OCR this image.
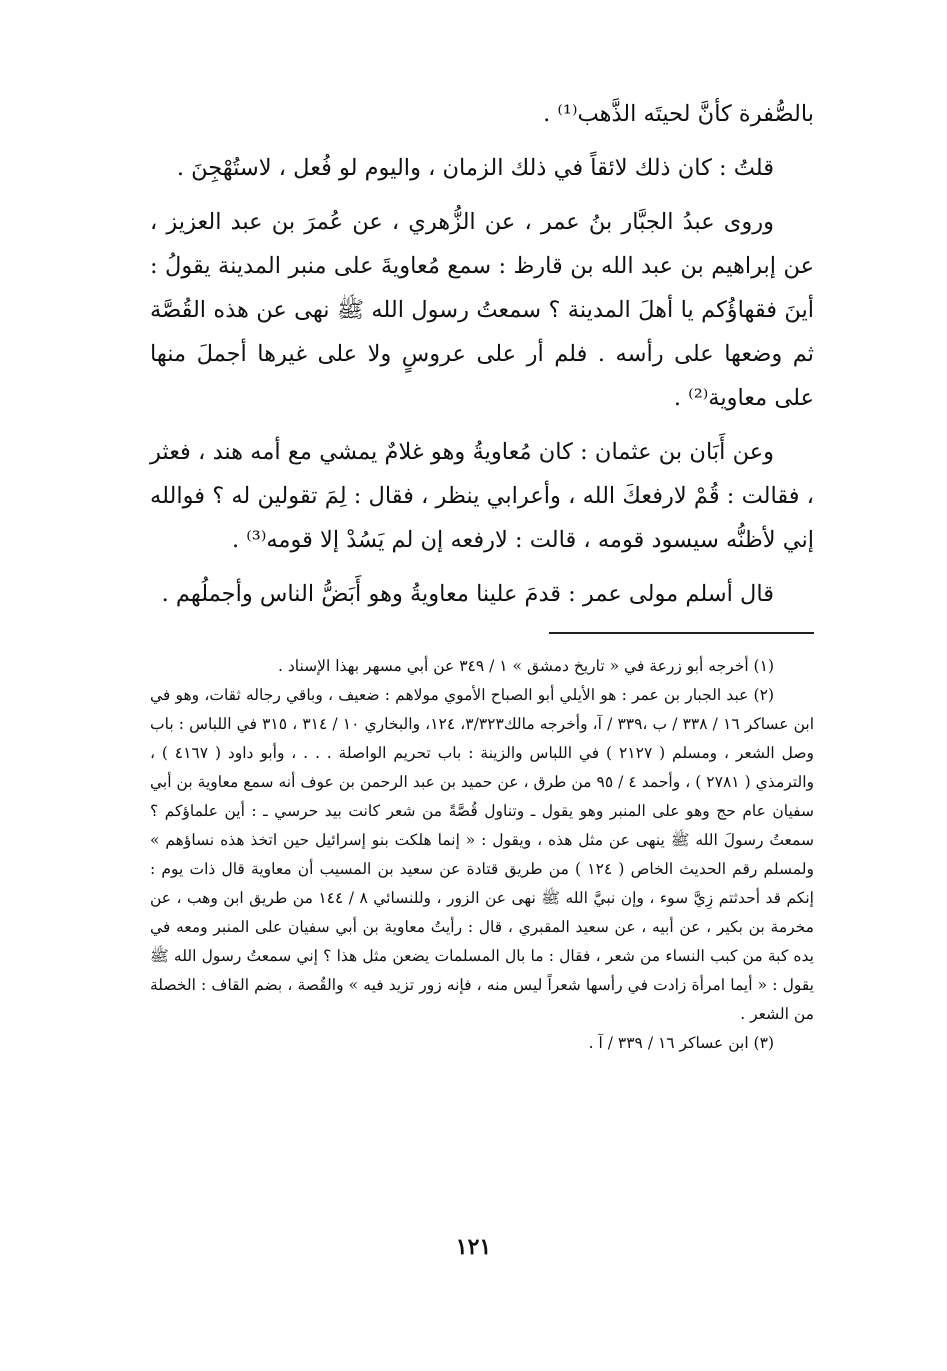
بالصُّفرة كأنَّ لحيتَه الذَّهب⁽¹⁾ .

قلتُ : كان ذلك لائقاً في ذلك الزمان ، واليوم لو فُعل ، لاستُهْجِنَ .

وروى عبدُ الجبَّار بنُ عمر ، عن الزُّهري ، عن عُمرَ بن عبد العزيز ، عن إبراهيم بن عبد الله بن قارظ : سمع مُعاويةَ على منبر المدينة يقولُ : أينَ فقهاؤُكم يا أهلَ المدينة ؟ سمعتُ رسول الله ﷺ نهى عن هذه القُصَّة ثم وضعها على رأسه . فلم أر على عروسٍ ولا على غيرها أجملَ منها على معاوية⁽²⁾ .

وعن أَبَان بن عثمان : كان مُعاويةُ وهو غلامٌ يمشي مع أمه هند ، فعثر ، فقالت : قُمْ لارفعكَ الله ، وأعرابي ينظر ، فقال : لِمَ تقولين له ؟ فوالله إني لأظنُّه سيسود قومه ، قالت : لارفعه إن لم يَسُدْ إلا قومه⁽³⁾ .

قال أسلم مولى عمر : قدمَ علينا معاويةُ وهو أَبَضُّ الناس وأجملُهم .

(١) أخرجه أبو زرعة في « تاريخ دمشق » ١ / ٣٤٩ عن أبي مسهر بهذا الإسناد .

(٢) عبد الجبار بن عمر : هو الأيلي أبو الصباح الأموي مولاهم : ضعيف ، وباقي رجاله ثقات، وهو في ابن عساكر ١٦ / ٣٣٨ / ب ،٣٣٩ / آ، وأخرجه مالك٣/٣٢٣، ١٢٤، والبخاري ١٠ / ٣١٤ ، ٣١٥ في اللباس : باب وصل الشعر ، ومسلم ( ٢١٢٧ ) في اللباس والزينة : باب تحريم الواصلة . . . ، وأبو داود ( ٤١٦٧ ) ، والترمذي ( ٢٧٨١ ) ، وأحمد ٤ / ٩٥ من طرق ، عن حميد بن عبد الرحمن بن عوف أنه سمع معاوية بن أبي سفيان عام حج وهو على المنبر وهو يقول ـ وتناول قُصَّةً من شعر كانت بيد حرسي ـ : أين علماؤكم ؟ سمعتُ رسولَ الله ﷺ ينهى عن مثل هذه ، ويقول : « إنما هلكت بنو إسرائيل حين اتخذ هذه نساؤهم » ولمسلم رقم الحديث الخاص ( ١٢٤ ) من طريق قتادة عن سعيد بن المسيب أن معاوية قال ذات يوم : إنكم قد أحدثتم زِيَّ سوء ، وإن نبيَّ الله ﷺ نهى عن الزور ، وللنسائي ٨ / ١٤٤ من طريق ابن وهب ، عن مخرمة بن بكير ، عن أبيه ، عن سعيد المقبري ، قال : رأيتُ معاوية بن أبي سفيان على المنبر ومعه في يده كبة من كبب النساء من شعر ، فقال : ما بال المسلمات يضعن مثل هذا ؟ إني سمعتُ رسول الله ﷺ يقول : « أيما امرأة زادت في رأسها شعراً ليس منه ، فإنه زور تزيد فيه » والقُصة ، بضم القاف : الخصلة من الشعر .

(٣) ابن عساكر ١٦ / ٣٣٩ / آ .

١٢١
